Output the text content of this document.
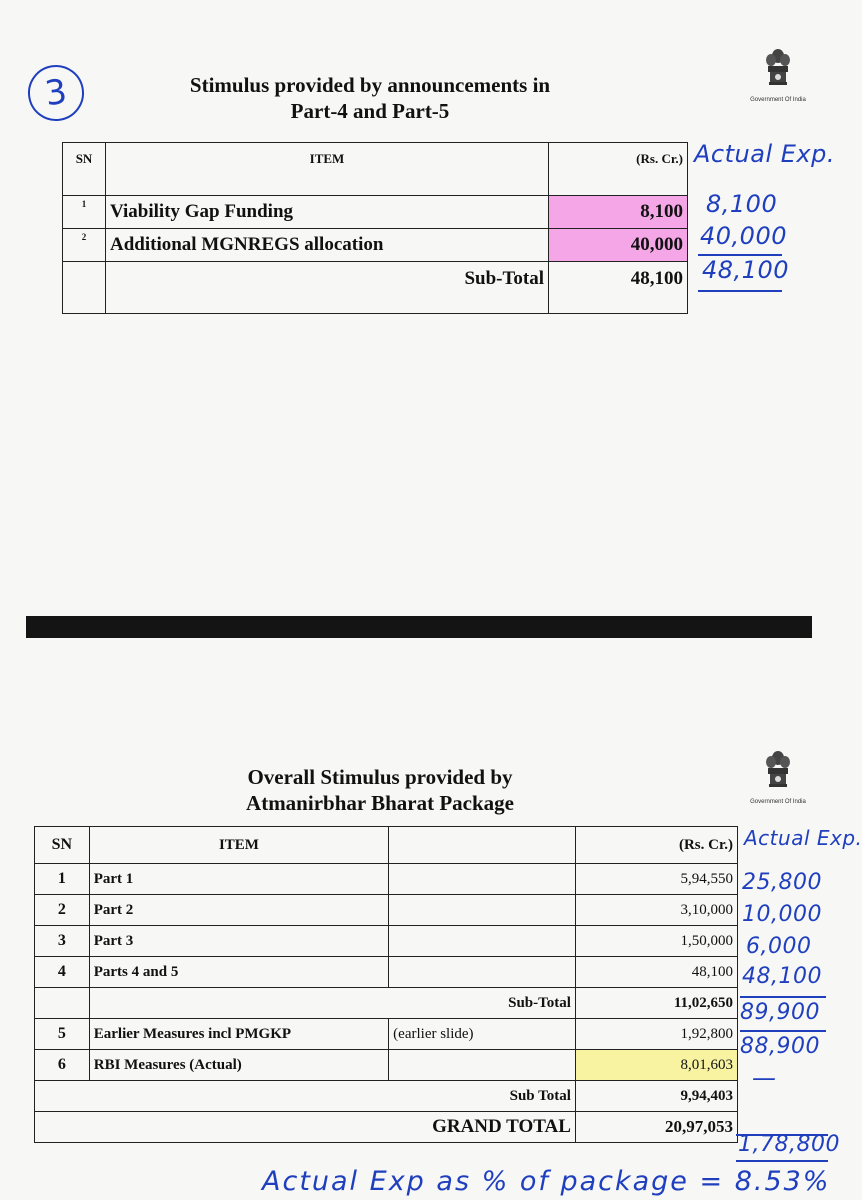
3	Stimulus provided by announcements in
Part-4 and Part-5	Government Of India
SN	ITEM	(Rs. Cr.)
1	Viability Gap Funding	8,100
2	Additional MGNREGS allocation	40,000
	Sub-Total	48,100
Actual Exp.
8,100
40,000
48,100
Overall Stimulus provided by
Atmanirbhar Bharat Package	Government Of India
SN	ITEM		(Rs. Cr.)
1	Part 1		5,94,550
2	Part 2		3,10,000
3	Part 3		1,50,000
4	Parts 4 and 5		48,100
	Sub-Total		11,02,650
5	Earlier Measures incl PMGKP	(earlier slide)	1,92,800
6	RBI Measures (Actual)		8,01,603
Sub Total			9,94,403
GRAND TOTAL			20,97,053
Actual Exp.
25,800
10,000
6,000
48,100
89,900
88,900
—
1,78,800
Actual Exp as % of package = 8.53%
